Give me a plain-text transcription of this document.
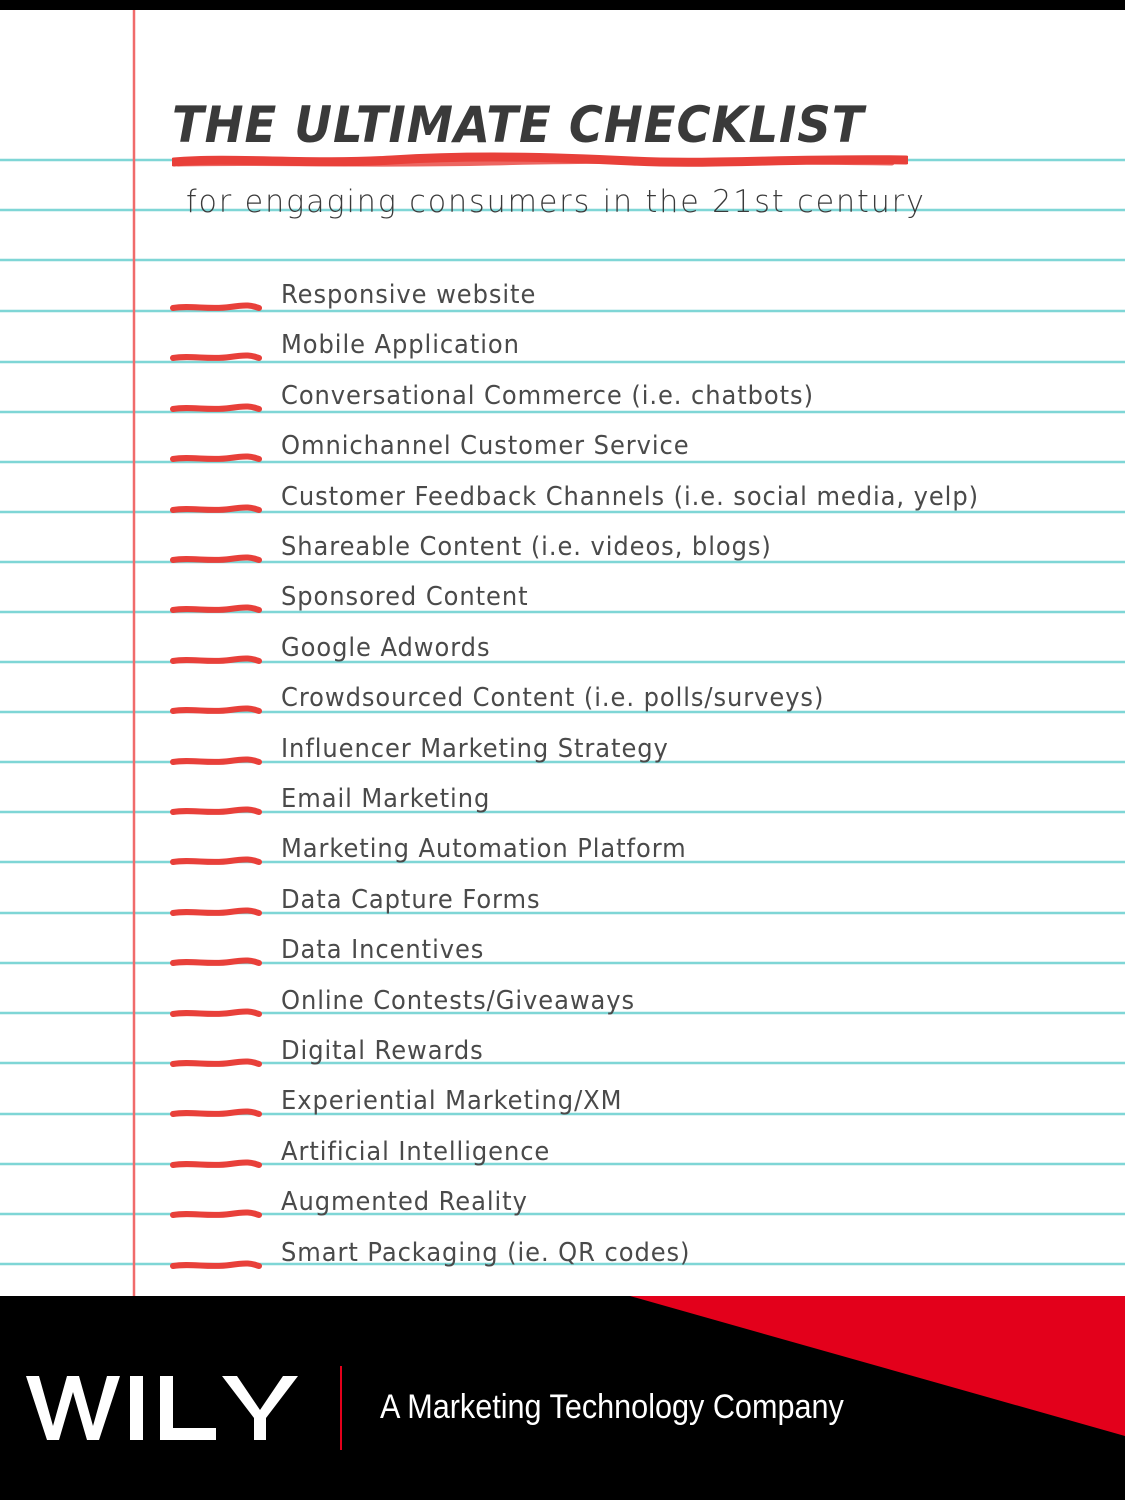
THE ULTIMATE CHECKLIST

for engaging consumers in the 21st century

Responsive website
Mobile Application
Conversational Commerce (i.e. chatbots)
Omnichannel Customer Service
Customer Feedback Channels (i.e. social media, yelp)
Shareable Content (i.e. videos, blogs)
Sponsored Content
Google Adwords
Crowdsourced Content (i.e. polls/surveys)
Influencer Marketing Strategy
Email Marketing
Marketing Automation Platform
Data Capture Forms
Data Incentives
Online Contests/Giveaways
Digital Rewards
Experiential Marketing/XM
Artificial Intelligence
Augmented Reality
Smart Packaging (ie. QR codes)
A Marketing Technology Company
